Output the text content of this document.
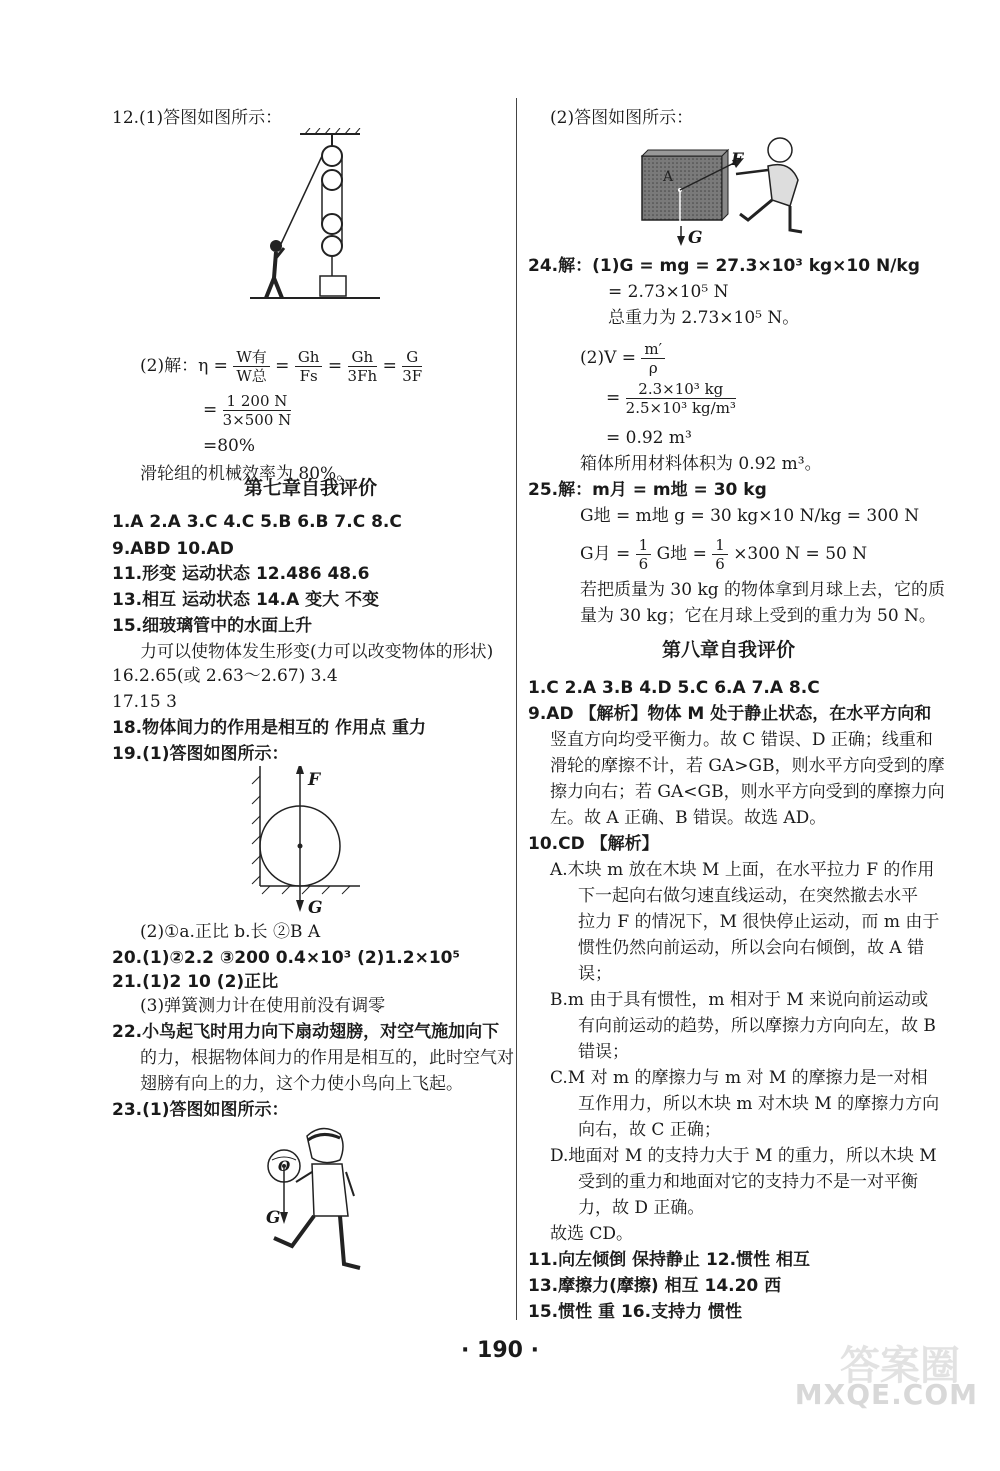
12.(1)答图如图所示：
(2)解：$\eta = \frac{\text{W有}}{\text{W总}} = \frac{Gh}{Fs} = \frac{Gh}{3Fh} = \frac{G}{3F}$
= $\frac{1 200 N}{3\times 500 N}$
=80%
滑轮组的机械效率为 80%。
第七章自我评价
1.A 2.A 3.C 4.C 5.B 6.B 7.C 8.C
9.ABD 10.AD
11.形变 运动状态 12.486 48.6
13.相互 运动状态 14.A 变大 不变
15.细玻璃管中的水面上升
力可以使物体发生形变(力可以改变物体的形状)
16.2.65(或 2.63～2.67) 3.4
17.15 3
18.物体间力的作用是相互的 作用点 重力
19.(1)答图如图所示：
F
G
(2)①a.正比 b.长 ②B A
20.(1)②2.2 ③200 0.4×10³ (2)1.2×10⁵
21.(1)2 10 (2)正比
(3)弹簧测力计在使用前没有调零
22.小鸟起飞时用力向下扇动翅膀，对空气施加向下
的力，根据物体间力的作用是相互的，此时空气对
翅膀有向上的力，这个力使小鸟向上飞起。
23.(1)答图如图所示：
O
G
(2)答图如图所示：
A
F
G
24.解：(1)G = mg = 27.3×10³ kg×10 N/kg
= 2.73×10⁵ N
总重力为 2.73×10⁵ N。
$(2)V = \frac{m'}{\rho}$
= $\frac{\text{2.3×10³ kg}}{\text{2.5×10³ kg/m³}}$
= 0.92 m³
箱体所用材料体积为 0.92 m³。
25.解：m月 = m地 = 30 kg
G地 = m地 g = 30 kg×10 N/kg = 300 N
G月 = $\frac{1}{6}$ G地 = $\frac{1}{6} \times 300$ N = 50 N
若把质量为 30 kg 的物体拿到月球上去，它的质
量为 30 kg；它在月球上受到的重力为 50 N。
第八章自我评价
1.C 2.A 3.B 4.D 5.C 6.A 7.A 8.C
9.AD 【解析】物体 M 处于静止状态，在水平方向和
竖直方向均受平衡力。故 C 错误、D 正确；线重和
滑轮的摩擦不计，若 GA>GB，则水平方向受到的摩
擦力向右；若 GA<GB，则水平方向受到的摩擦力向
左。故 A 正确、B 错误。故选 AD。
10.CD 【解析】
A.木块 m 放在木块 M 上面，在水平拉力 F 的作用
下一起向右做匀速直线运动，在突然撤去水平
拉力 F 的情况下，M 很快停止运动，而 m 由于
惯性仍然向前运动，所以会向右倾倒，故 A 错
误；
B.m 由于具有惯性，m 相对于 M 来说向前运动或
有向前运动的趋势，所以摩擦力方向向左，故 B
错误；
C.M 对 m 的摩擦力与 m 对 M 的摩擦力是一对相
互作用力，所以木块 m 对木块 M 的摩擦力方向
向右，故 C 正确；
D.地面对 M 的支持力大于 M 的重力，所以木块 M
受到的重力和地面对它的支持力不是一对平衡
力，故 D 正确。
故选 CD。
11.向左倾倒 保持静止 12.惯性 相互
13.摩擦力(摩擦) 相互 14.20 西
15.惯性 重 16.支持力 惯性
· 190 ·	答案圈
MXQE.COM
